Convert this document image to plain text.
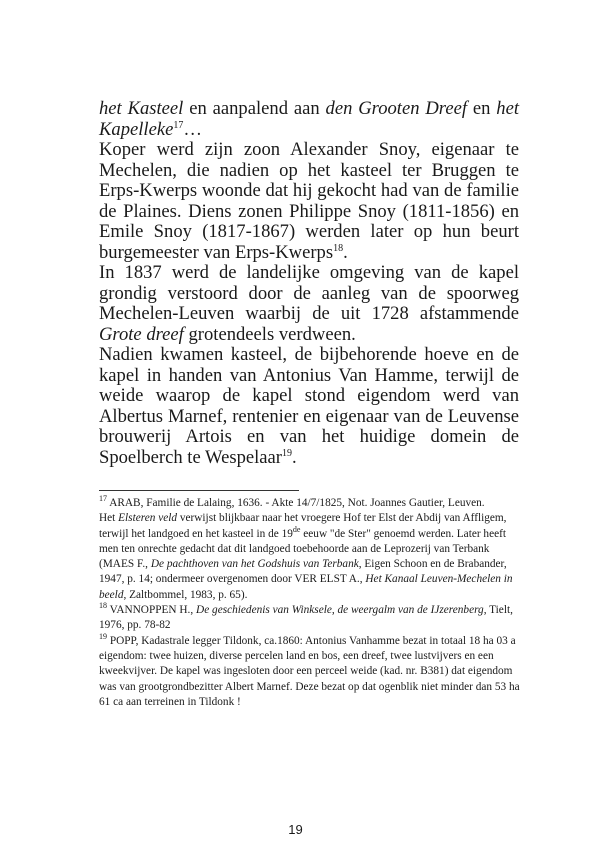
het Kasteel en aanpalend aan den Grooten Dreef en het Kapelleke$^{17}$…

Koper werd zijn zoon Alexander Snoy, eigenaar te Mechelen, die nadien op het kasteel ter Bruggen te Erps-Kwerps woonde dat hij gekocht had van de familie de Plaines. Diens zonen Philippe Snoy (1811-1856) en Emile Snoy (1817-1867) werden later op hun beurt burgemeester van Erps-Kwerps$^{18}$.

In 1837 werd de landelijke omgeving van de kapel grondig verstoord door de aanleg van de spoorweg Mechelen-Leuven waarbij de uit 1728 afstammende Grote dreef grotendeels verdween.

Nadien kwamen kasteel, de bijbehorende hoeve en de kapel in handen van Antonius Van Hamme, terwijl de weide waarop de kapel stond eigendom werd van Albertus Marnef, rentenier en eigenaar van de Leuvense brouwerij Artois en van het huidige domein de Spoelberch te Wespelaar$^{19}$.

$^{17}$ ARAB, Familie de Lalaing, 1636. - Akte 14/7/1825, Not. Joannes Gautier, Leuven.

Het Elsteren veld verwijst blijkbaar naar het vroegere Hof ter Elst der Abdij van Affligem, terwijl het landgoed en het kasteel in de 19de eeuw "de Ster" genoemd werden. Later heeft men ten onrechte gedacht dat dit landgoed toebehoorde aan de Leprozerij van Terbank (MAES F., De pachthoven van het Godshuis van Terbank, Eigen Schoon en de Brabander, 1947, p. 14; ondermeer overgenomen door VER ELST A., Het Kanaal Leuven-Mechelen in beeld, Zaltbommel, 1983, p. 65).

$^{18}$ VANNOPPEN H., De geschiedenis van Winksele, de weergalm van de IJzerenberg, Tielt, 1976, pp. 78-82

$^{19}$ POPP, Kadastrale legger Tildonk, ca.1860: Antonius Vanhamme bezat in totaal 18 ha 03 a eigendom: twee huizen, diverse percelen land en bos, een dreef, twee lustvijvers en een kweekvijver. De kapel was ingesloten door een perceel weide (kad. nr. B381) dat eigendom was van grootgrondbezitter Albert Marnef. Deze bezat op dat ogenblik niet minder dan 53 ha 61 ca aan terreinen in Tildonk !

19
